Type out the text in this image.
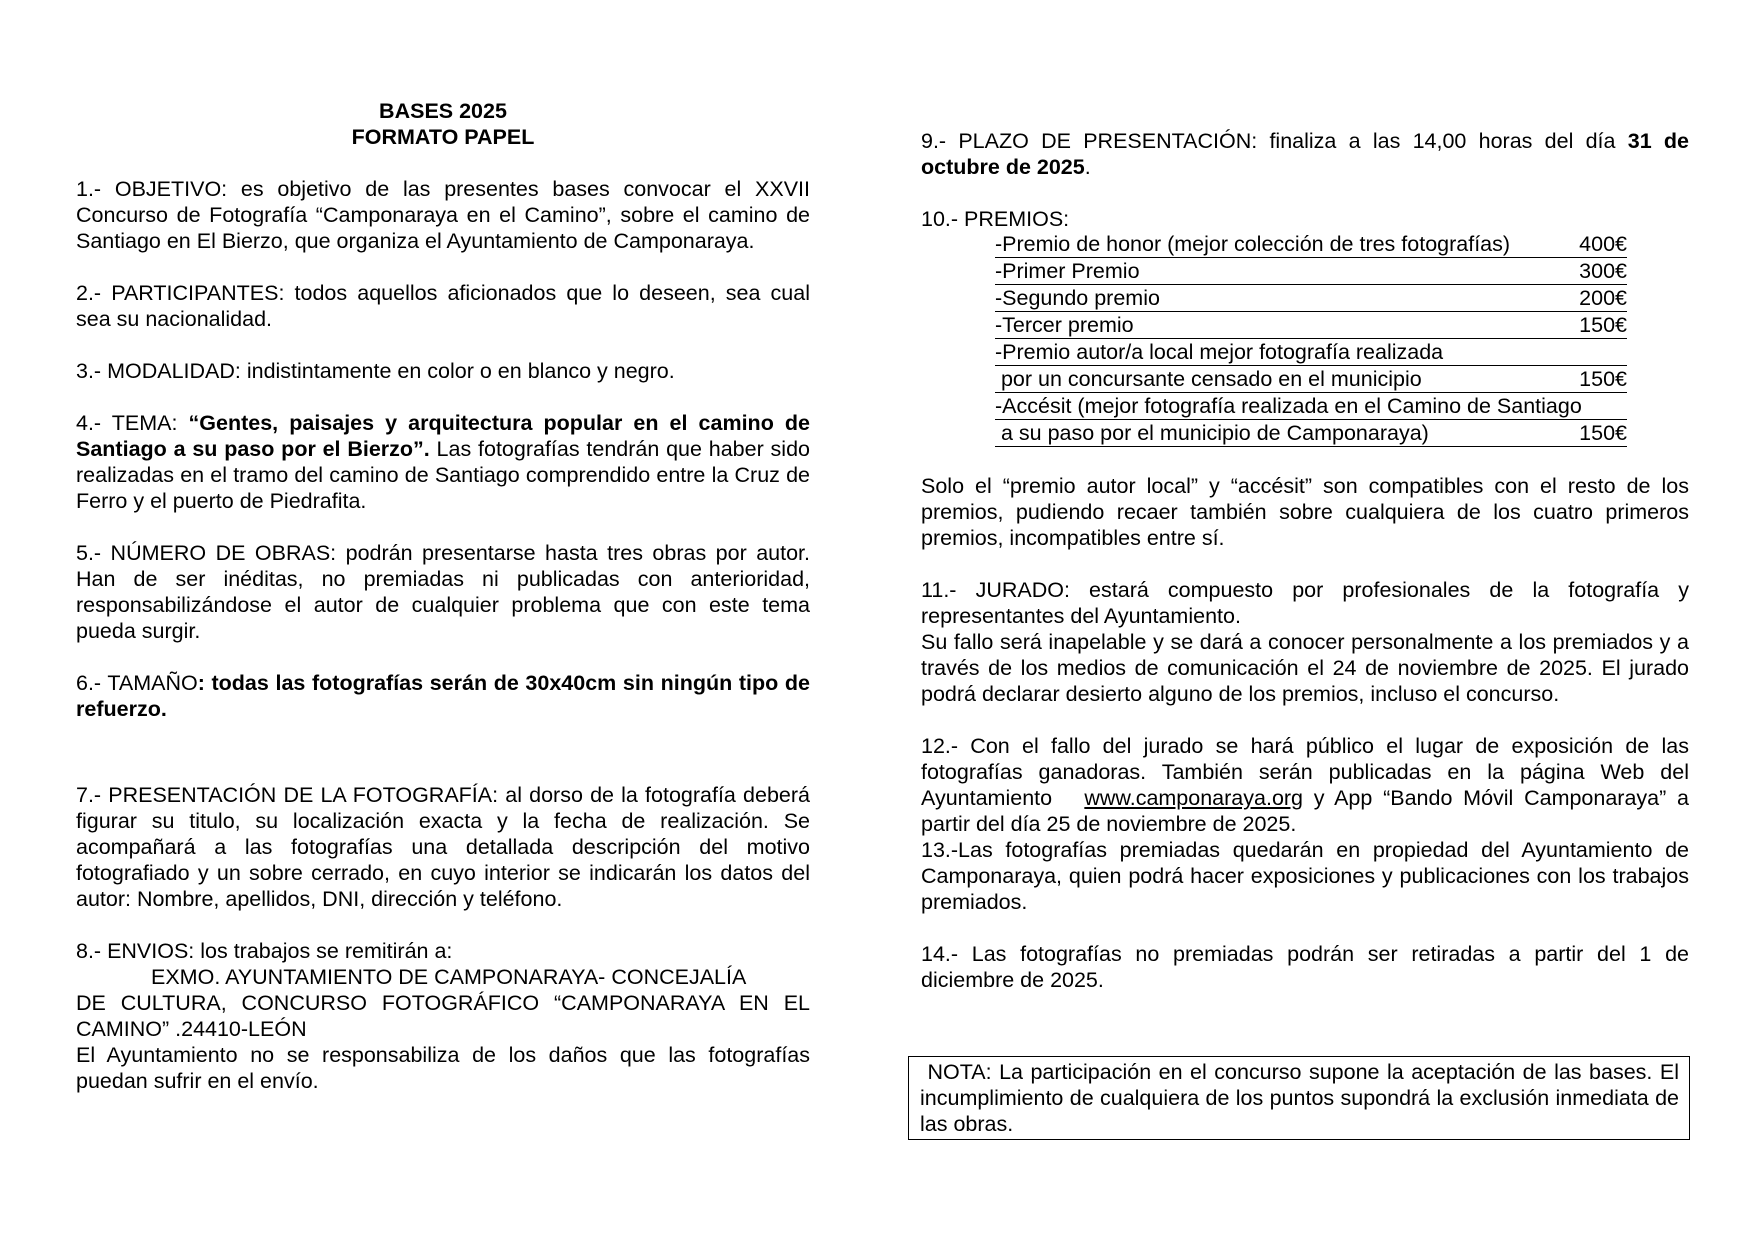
BASES 2025

FORMATO PAPEL

1.- OBJETIVO: es objetivo de las presentes bases convocar el XXVII Concurso de Fotografía “Camponaraya en el Camino”, sobre el camino de Santiago en El Bierzo, que organiza el Ayuntamiento de Camponaraya.

2.- PARTICIPANTES: todos aquellos aficionados que lo deseen, sea cual sea su nacionalidad.

3.- MODALIDAD: indistintamente en color o en blanco y negro.

4.- TEMA: “Gentes, paisajes y arquitectura popular en el camino de Santiago a su paso por el Bierzo”. Las fotografías tendrán que haber sido realizadas en el tramo del camino de Santiago comprendido entre la Cruz de Ferro y el puerto de Piedrafita.

5.- NÚMERO DE OBRAS: podrán presentarse hasta tres obras por autor. Han de ser inéditas, no premiadas ni publicadas con anterioridad, responsabilizándose el autor de cualquier problema que con este tema pueda surgir.

6.- TAMAÑO: todas las fotografías serán de 30x40cm sin ningún tipo de refuerzo.

7.- PRESENTACIÓN DE LA FOTOGRAFÍA: al dorso de la fotografía deberá figurar su titulo, su localización exacta y la fecha de realización. Se acompañará a las fotografías una detallada descripción del motivo fotografiado y un sobre cerrado, en cuyo interior se indicarán los datos del autor: Nombre, apellidos, DNI, dirección y teléfono.

8.- ENVIOS: los trabajos se remitirán a:

EXMO. AYUNTAMIENTO DE CAMPONARAYA- CONCEJALÍA

DE CULTURA, CONCURSO FOTOGRÁFICO “CAMPONARAYA EN EL CAMINO” .24410-LEÓN

El Ayuntamiento no se responsabiliza de los daños que las fotografías puedan sufrir en el envío.

9.- PLAZO DE PRESENTACIÓN: finaliza a las 14,00 horas del día 31 de octubre de 2025.

10.- PREMIOS:

-Premio de honor (mejor colección de tres fotografías)	400€
-Primer Premio	300€
-Segundo premio	200€
-Tercer premio	150€
-Premio autor/a local mejor fotografía realizada
por un concursante censado en el municipio	150€
-Accésit (mejor fotografía realizada en el Camino de Santiago
a su paso por el municipio de Camponaraya)	150€

Solo el “premio autor local” y “accésit” son compatibles con el resto de los premios, pudiendo recaer también sobre cualquiera de los cuatro primeros premios, incompatibles entre sí.

11.- JURADO: estará compuesto por profesionales de la fotografía y representantes del Ayuntamiento.

Su fallo será inapelable y se dará a conocer personalmente a los premiados y a través de los medios de comunicación el 24 de noviembre de 2025. El jurado podrá declarar desierto alguno de los premios, incluso el concurso.

12.- Con el fallo del jurado se hará público el lugar de exposición de las fotografías ganadoras. También serán publicadas en la página Web del Ayuntamiento   www.camponaraya.org y App “Bando Móvil Camponaraya” a partir del día 25 de noviembre de 2025.

13.-Las fotografías premiadas quedarán en propiedad del Ayuntamiento de Camponaraya, quien podrá hacer exposiciones y publicaciones con los trabajos premiados.

14.- Las fotografías no premiadas podrán ser retiradas a partir del 1 de diciembre de 2025.

NOTA: La participación en el concurso supone la aceptación de las bases. El incumplimiento de cualquiera de los puntos supondrá la exclusión inmediata de las obras.
